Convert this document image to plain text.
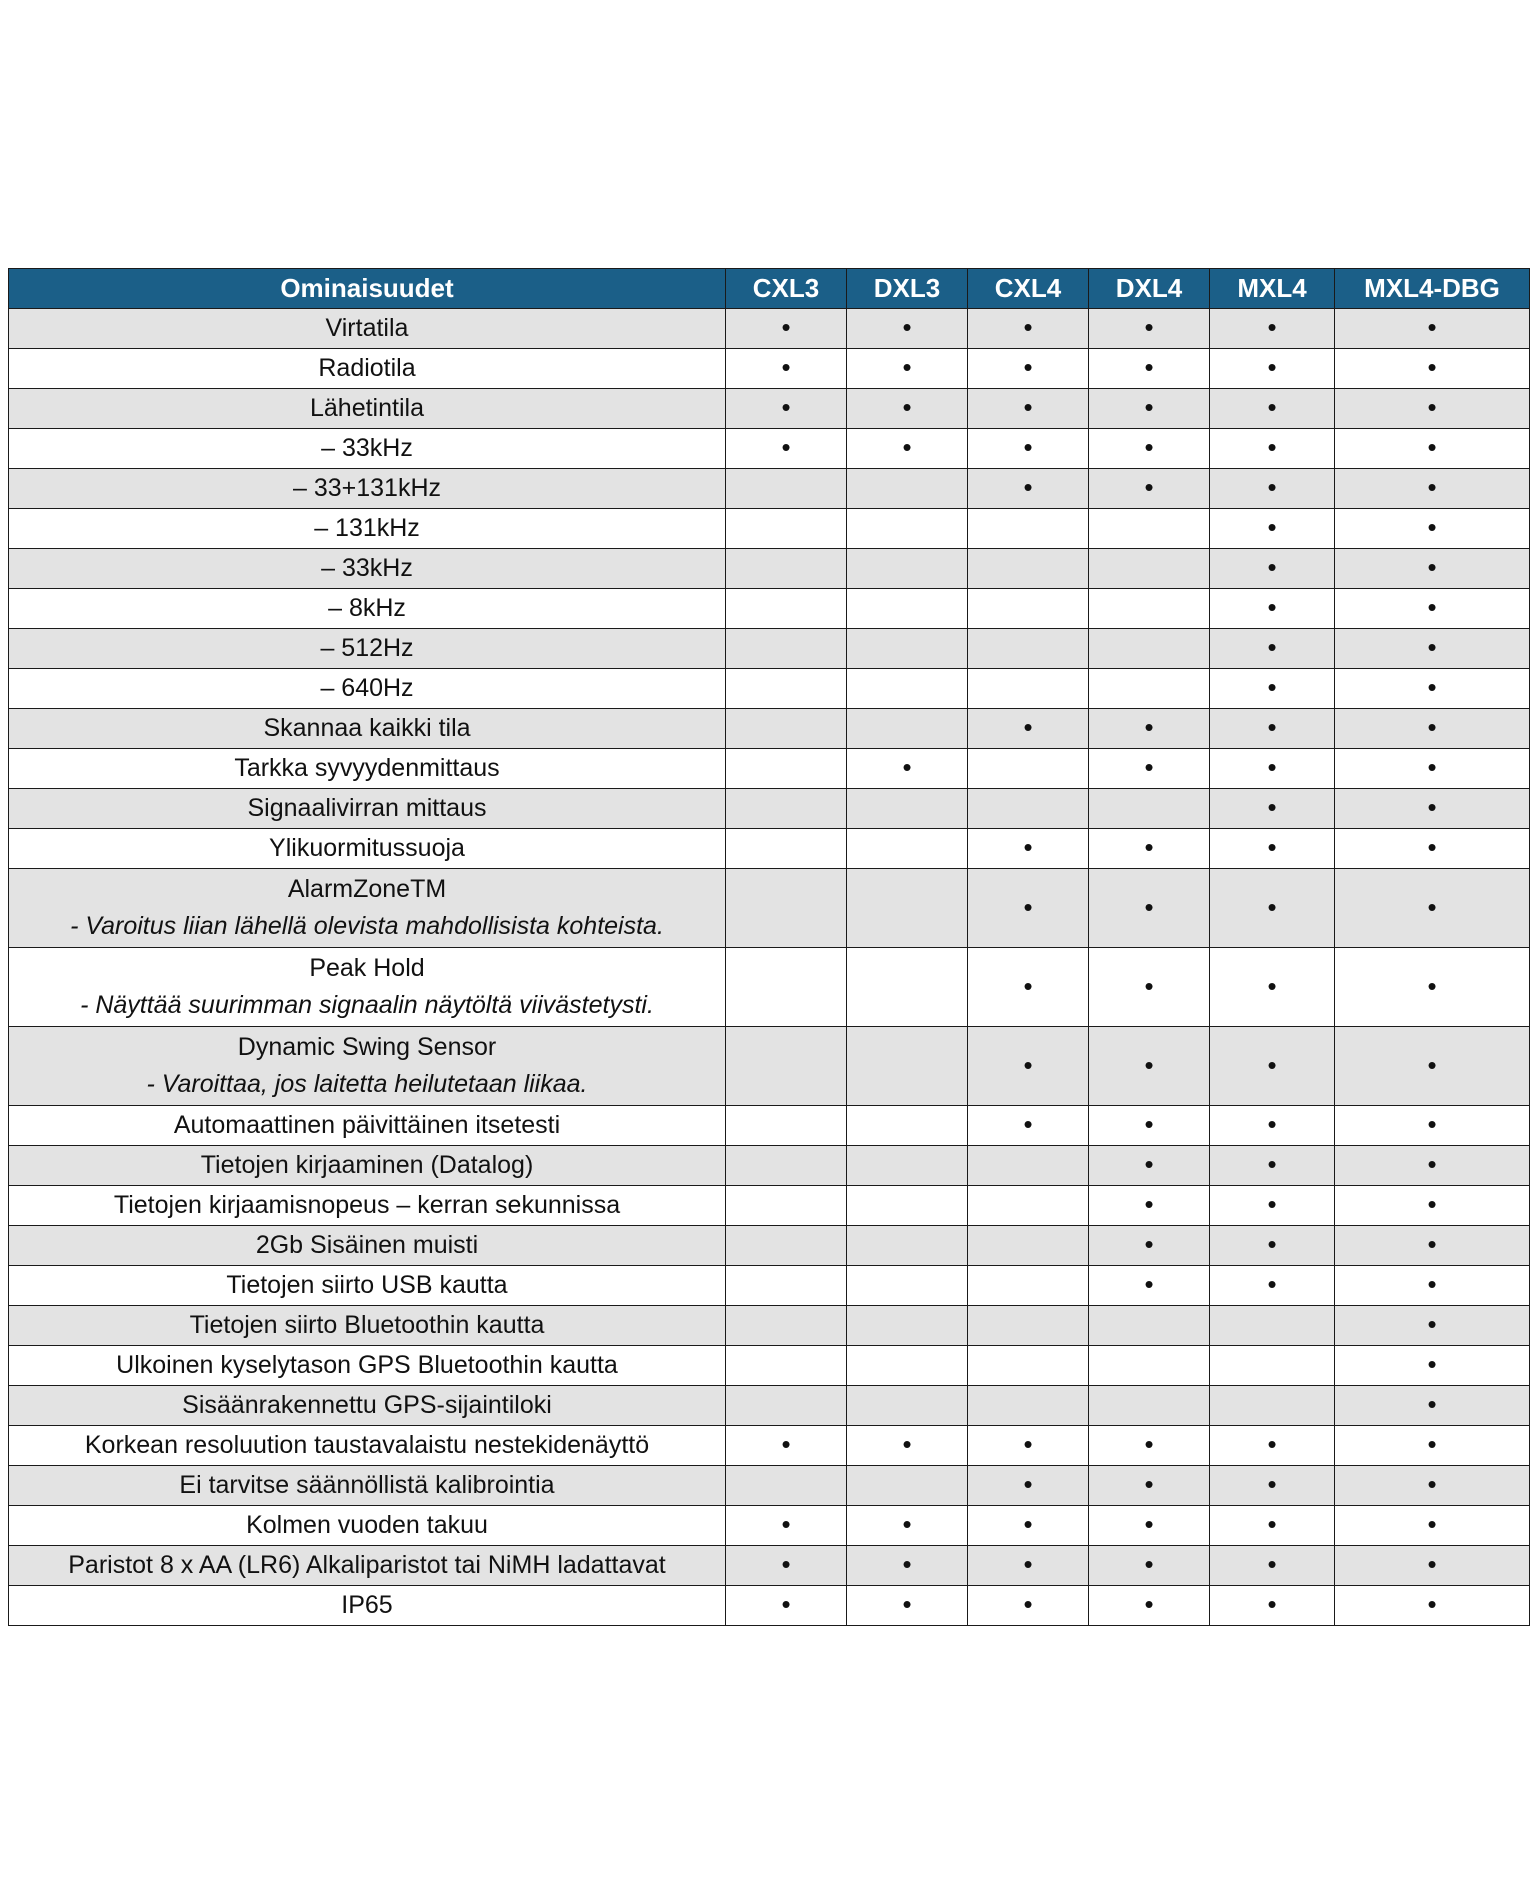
Ominaisuudet	CXL3	DXL3	CXL4	DXL4	MXL4	MXL4-DBG

Virtatila	•	•	•	•	•	•

Radiotila	•	•	•	•	•	•

Lähetintila	•	•	•	•	•	•

– 33kHz	•	•	•	•	•	•

– 33+131kHz			•	•	•	•

– 131kHz					•	•

– 33kHz					•	•

– 8kHz					•	•

– 512Hz					•	•

– 640Hz					•	•

Skannaa kaikki tila			•	•	•	•

Tarkka syvyydenmittaus		•		•	•	•

Signaalivirran mittaus					•	•

Ylikuormitussuoja			•	•	•	•

AlarmZoneTM
- Varoitus liian lähellä olevista mahdollisista kohteista.			•	•	•	•

Peak Hold
- Näyttää suurimman signaalin näytöltä viivästetysti.			•	•	•	•

Dynamic Swing Sensor
- Varoittaa, jos laitetta heilutetaan liikaa.			•	•	•	•

Automaattinen päivittäinen itsetesti			•	•	•	•

Tietojen kirjaaminen (Datalog)				•	•	•

Tietojen kirjaamisnopeus – kerran sekunnissa				•	•	•

2Gb Sisäinen muisti				•	•	•

Tietojen siirto USB kautta				•	•	•

Tietojen siirto Bluetoothin kautta						•

Ulkoinen kyselytason GPS Bluetoothin kautta						•

Sisäänrakennettu GPS-sijaintiloki						•

Korkean resoluution taustavalaistu nestekidenäyttö	•	•	•	•	•	•

Ei tarvitse säännöllistä kalibrointia			•	•	•	•

Kolmen vuoden takuu	•	•	•	•	•	•

Paristot 8 x AA (LR6) Alkaliparistot tai NiMH ladattavat	•	•	•	•	•	•

IP65	•	•	•	•	•	•
